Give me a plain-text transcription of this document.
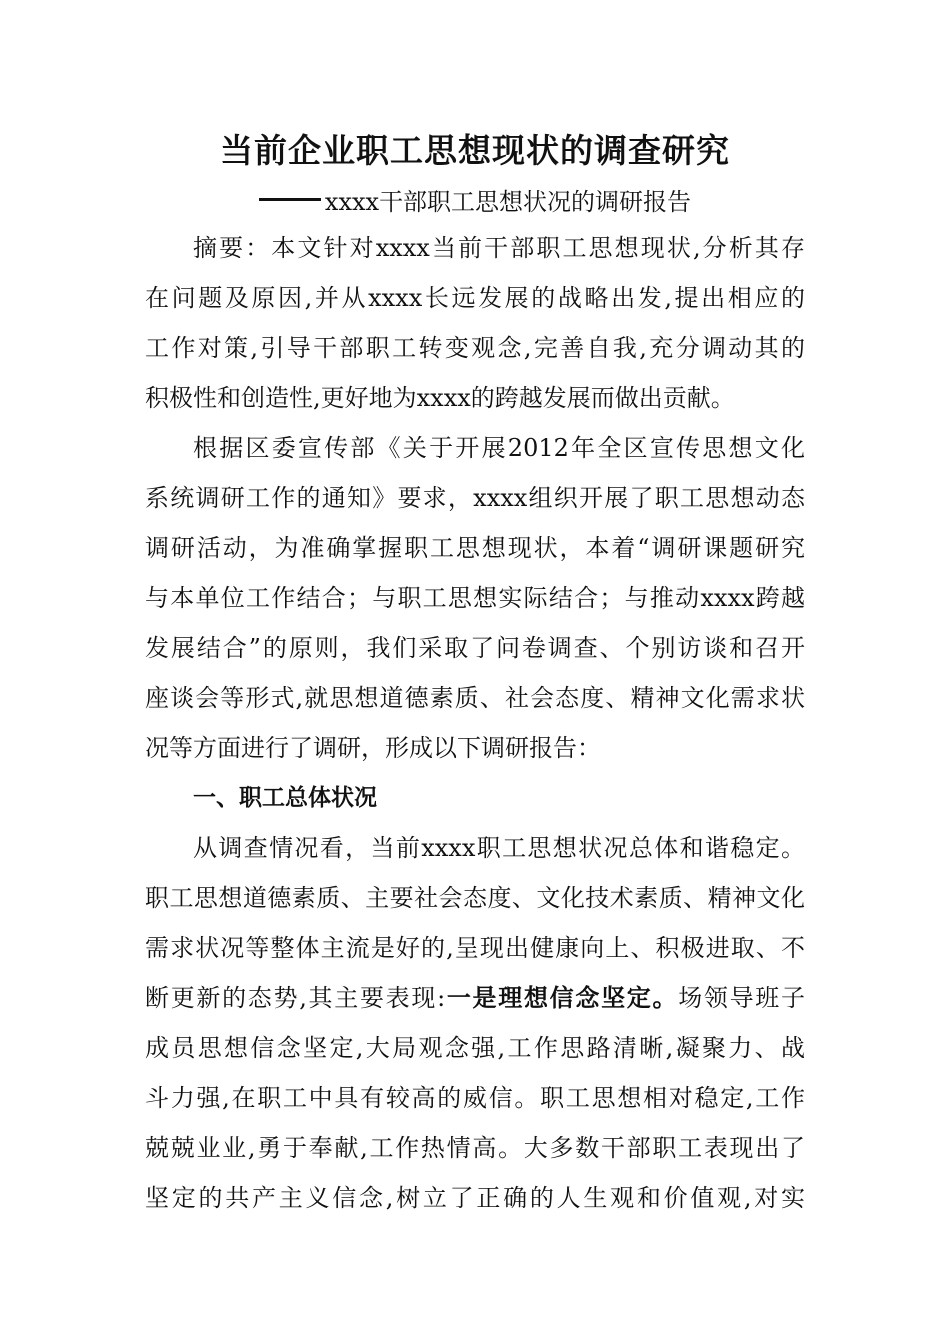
当前企业职工思想现状的调查研究
xxxx干部职工思想状况的调研报告
摘要：本文针对xxxx当前干部职工思想现状,分析其存
在问题及原因,并从xxxx长远发展的战略出发,提出相应的
工作对策,引导干部职工转变观念,完善自我,充分调动其的
积极性和创造性,更好地为xxxx的跨越发展而做出贡献。
根据区委宣传部《关于开展2012年全区宣传思想文化
系统调研工作的通知》要求，xxxx组织开展了职工思想动态
调研活动，为准确掌握职工思想现状，本着“调研课题研究
与本单位工作结合；与职工思想实际结合；与推动xxxx跨越
发展结合”的原则，我们采取了问卷调查、个别访谈和召开
座谈会等形式,就思想道德素质、社会态度、精神文化需求状
况等方面进行了调研，形成以下调研报告：
一、职工总体状况
从调查情况看，当前xxxx职工思想状况总体和谐稳定。
职工思想道德素质、主要社会态度、文化技术素质、精神文化
需求状况等整体主流是好的,呈现出健康向上、积极进取、不
断更新的态势,其主要表现:一是理想信念坚定。场领导班子
成员思想信念坚定,大局观念强,工作思路清晰,凝聚力、战
斗力强,在职工中具有较高的威信。职工思想相对稳定,工作
兢兢业业,勇于奉献,工作热情高。大多数干部职工表现出了
坚定的共产主义信念,树立了正确的人生观和价值观,对实
